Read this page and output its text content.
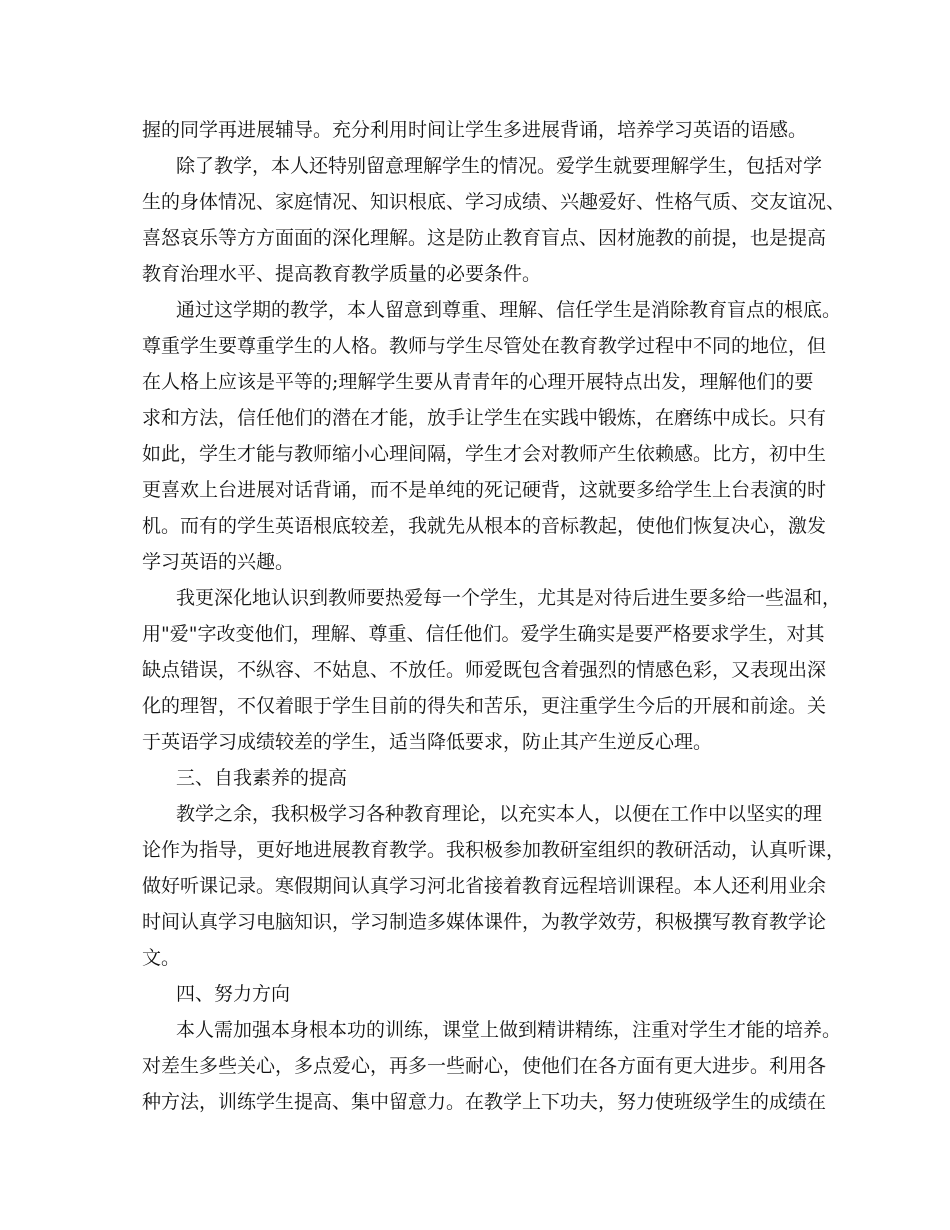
握的同学再进展辅导。充分利用时间让学生多进展背诵，培养学习英语的语感。
除了教学，本人还特别留意理解学生的情况。爱学生就要理解学生，包括对学
生的身体情况、家庭情况、知识根底、学习成绩、兴趣爱好、性格气质、交友谊况、
喜怒哀乐等方方面面的深化理解。这是防止教育盲点、因材施教的前提，也是提高
教育治理水平、提高教育教学质量的必要条件。
通过这学期的教学，本人留意到尊重、理解、信任学生是消除教育盲点的根底。
尊重学生要尊重学生的人格。教师与学生尽管处在教育教学过程中不同的地位，但
在人格上应该是平等的;理解学生要从青青年的心理开展特点出发，理解他们的要
求和方法，信任他们的潜在才能，放手让学生在实践中锻炼，在磨练中成长。只有
如此，学生才能与教师缩小心理间隔，学生才会对教师产生依赖感。比方，初中生
更喜欢上台进展对话背诵，而不是单纯的死记硬背，这就要多给学生上台表演的时
机。而有的学生英语根底较差，我就先从根本的音标教起，使他们恢复决心，激发
学习英语的兴趣。
我更深化地认识到教师要热爱每一个学生，尤其是对待后进生要多给一些温和，
用"爱"字改变他们，理解、尊重、信任他们。爱学生确实是要严格要求学生，对其
缺点错误，不纵容、不姑息、不放任。师爱既包含着强烈的情感色彩，又表现出深
化的理智，不仅着眼于学生目前的得失和苦乐，更注重学生今后的开展和前途。关
于英语学习成绩较差的学生，适当降低要求，防止其产生逆反心理。
三、自我素养的提高
教学之余，我积极学习各种教育理论，以充实本人，以便在工作中以坚实的理
论作为指导，更好地进展教育教学。我积极参加教研室组织的教研活动，认真听课，
做好听课记录。寒假期间认真学习河北省接着教育远程培训课程。本人还利用业余
时间认真学习电脑知识，学习制造多媒体课件，为教学效劳，积极撰写教育教学论
文。
四、努力方向
本人需加强本身根本功的训练，课堂上做到精讲精练，注重对学生才能的培养。
对差生多些关心，多点爱心，再多一些耐心，使他们在各方面有更大进步。利用各
种方法，训练学生提高、集中留意力。在教学上下功夫，努力使班级学生的成绩在
